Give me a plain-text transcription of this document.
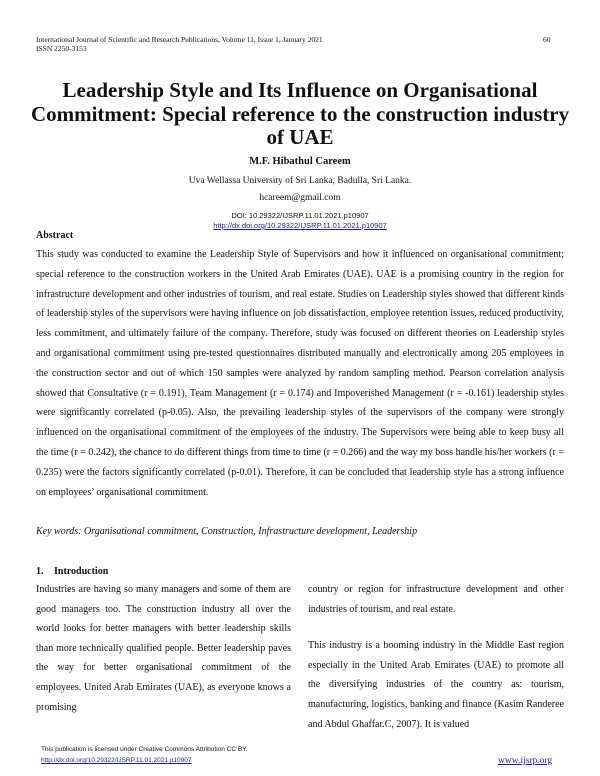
International Journal of Scientific and Research Publications, Volume 11, Issue 1, January 2021
ISSN 2250-3153
60
Leadership Style and Its Influence on Organisational Commitment: Special reference to the construction industry of UAE
M.F. Hibathul Careem
Uva Wellassa University of Sri Lanka, Badulla, Sri Lanka.
hcareem@gmail.com
DOI: 10.29322/IJSRP.11.01.2021.p10907
http://dx.doi.org/10.29322/IJSRP.11.01.2021.p10907
Abstract
This study was conducted to examine the Leadership Style of Supervisors and how it influenced on organisational commitment; special reference to the construction workers in the United Arab Emirates (UAE). UAE is a promising country in the region for infrastructure development and other industries of tourism, and real estate. Studies on Leadership styles showed that different kinds of leadership styles of the supervisors were having influence on job dissatisfaction, employee retention issues, reduced productivity, less commitment, and ultimately failure of the company. Therefore, study was focused on different theories on Leadership styles and organisational commitment using pre-tested questionnaires distributed manually and electronically among 205 employees in the construction sector and out of which 150 samples were analyzed by random sampling method. Pearson correlation analysis showed that Consultative (r = 0.191), Team Management (r = 0.174) and Impoverished Management (r = -0.161) leadership styles were significantly correlated (p-0.05). Also, the prevailing leadership styles of the supervisors of the company were strongly influenced on the organisational commitment of the employees of the industry. The Supervisors were being able to keep busy all the time (r = 0.242), the chance to do different things from time to time (r = 0.266) and the way my boss handle his/her workers (r = 0.235) were the factors significantly correlated (p-0.01). Therefore, it can be concluded that leadership style has a strong influence on employees’ organisational commitment.
Key words: Organisational commitment, Construction, Infrastructure development, Leadership
1. Introduction

Industries are having so many managers and some of them are good managers too. The construction industry all over the world looks for better managers with better leadership skills than more technically qualified people. Better leadership paves the way for better organisational commitment of the employees. United Arab Emirates (UAE), as everyone knows a promising

country or region for infrastructure development and other industries of tourism, and real estate.

This industry is a booming industry in the Middle East region especially in the United Arab Emirates (UAE) to promote all the diversifying industries of the country as: tourism, manufacturing, logistics, banking and finance (Kasim Randeree and Abdul Ghaffar.C, 2007). It is valued

This publication is licensed under Creative Commons Attribution CC BY.
http://dx.doi.org/10.29322/IJSRP.11.01.2021.p10907	www.ijsrp.org
